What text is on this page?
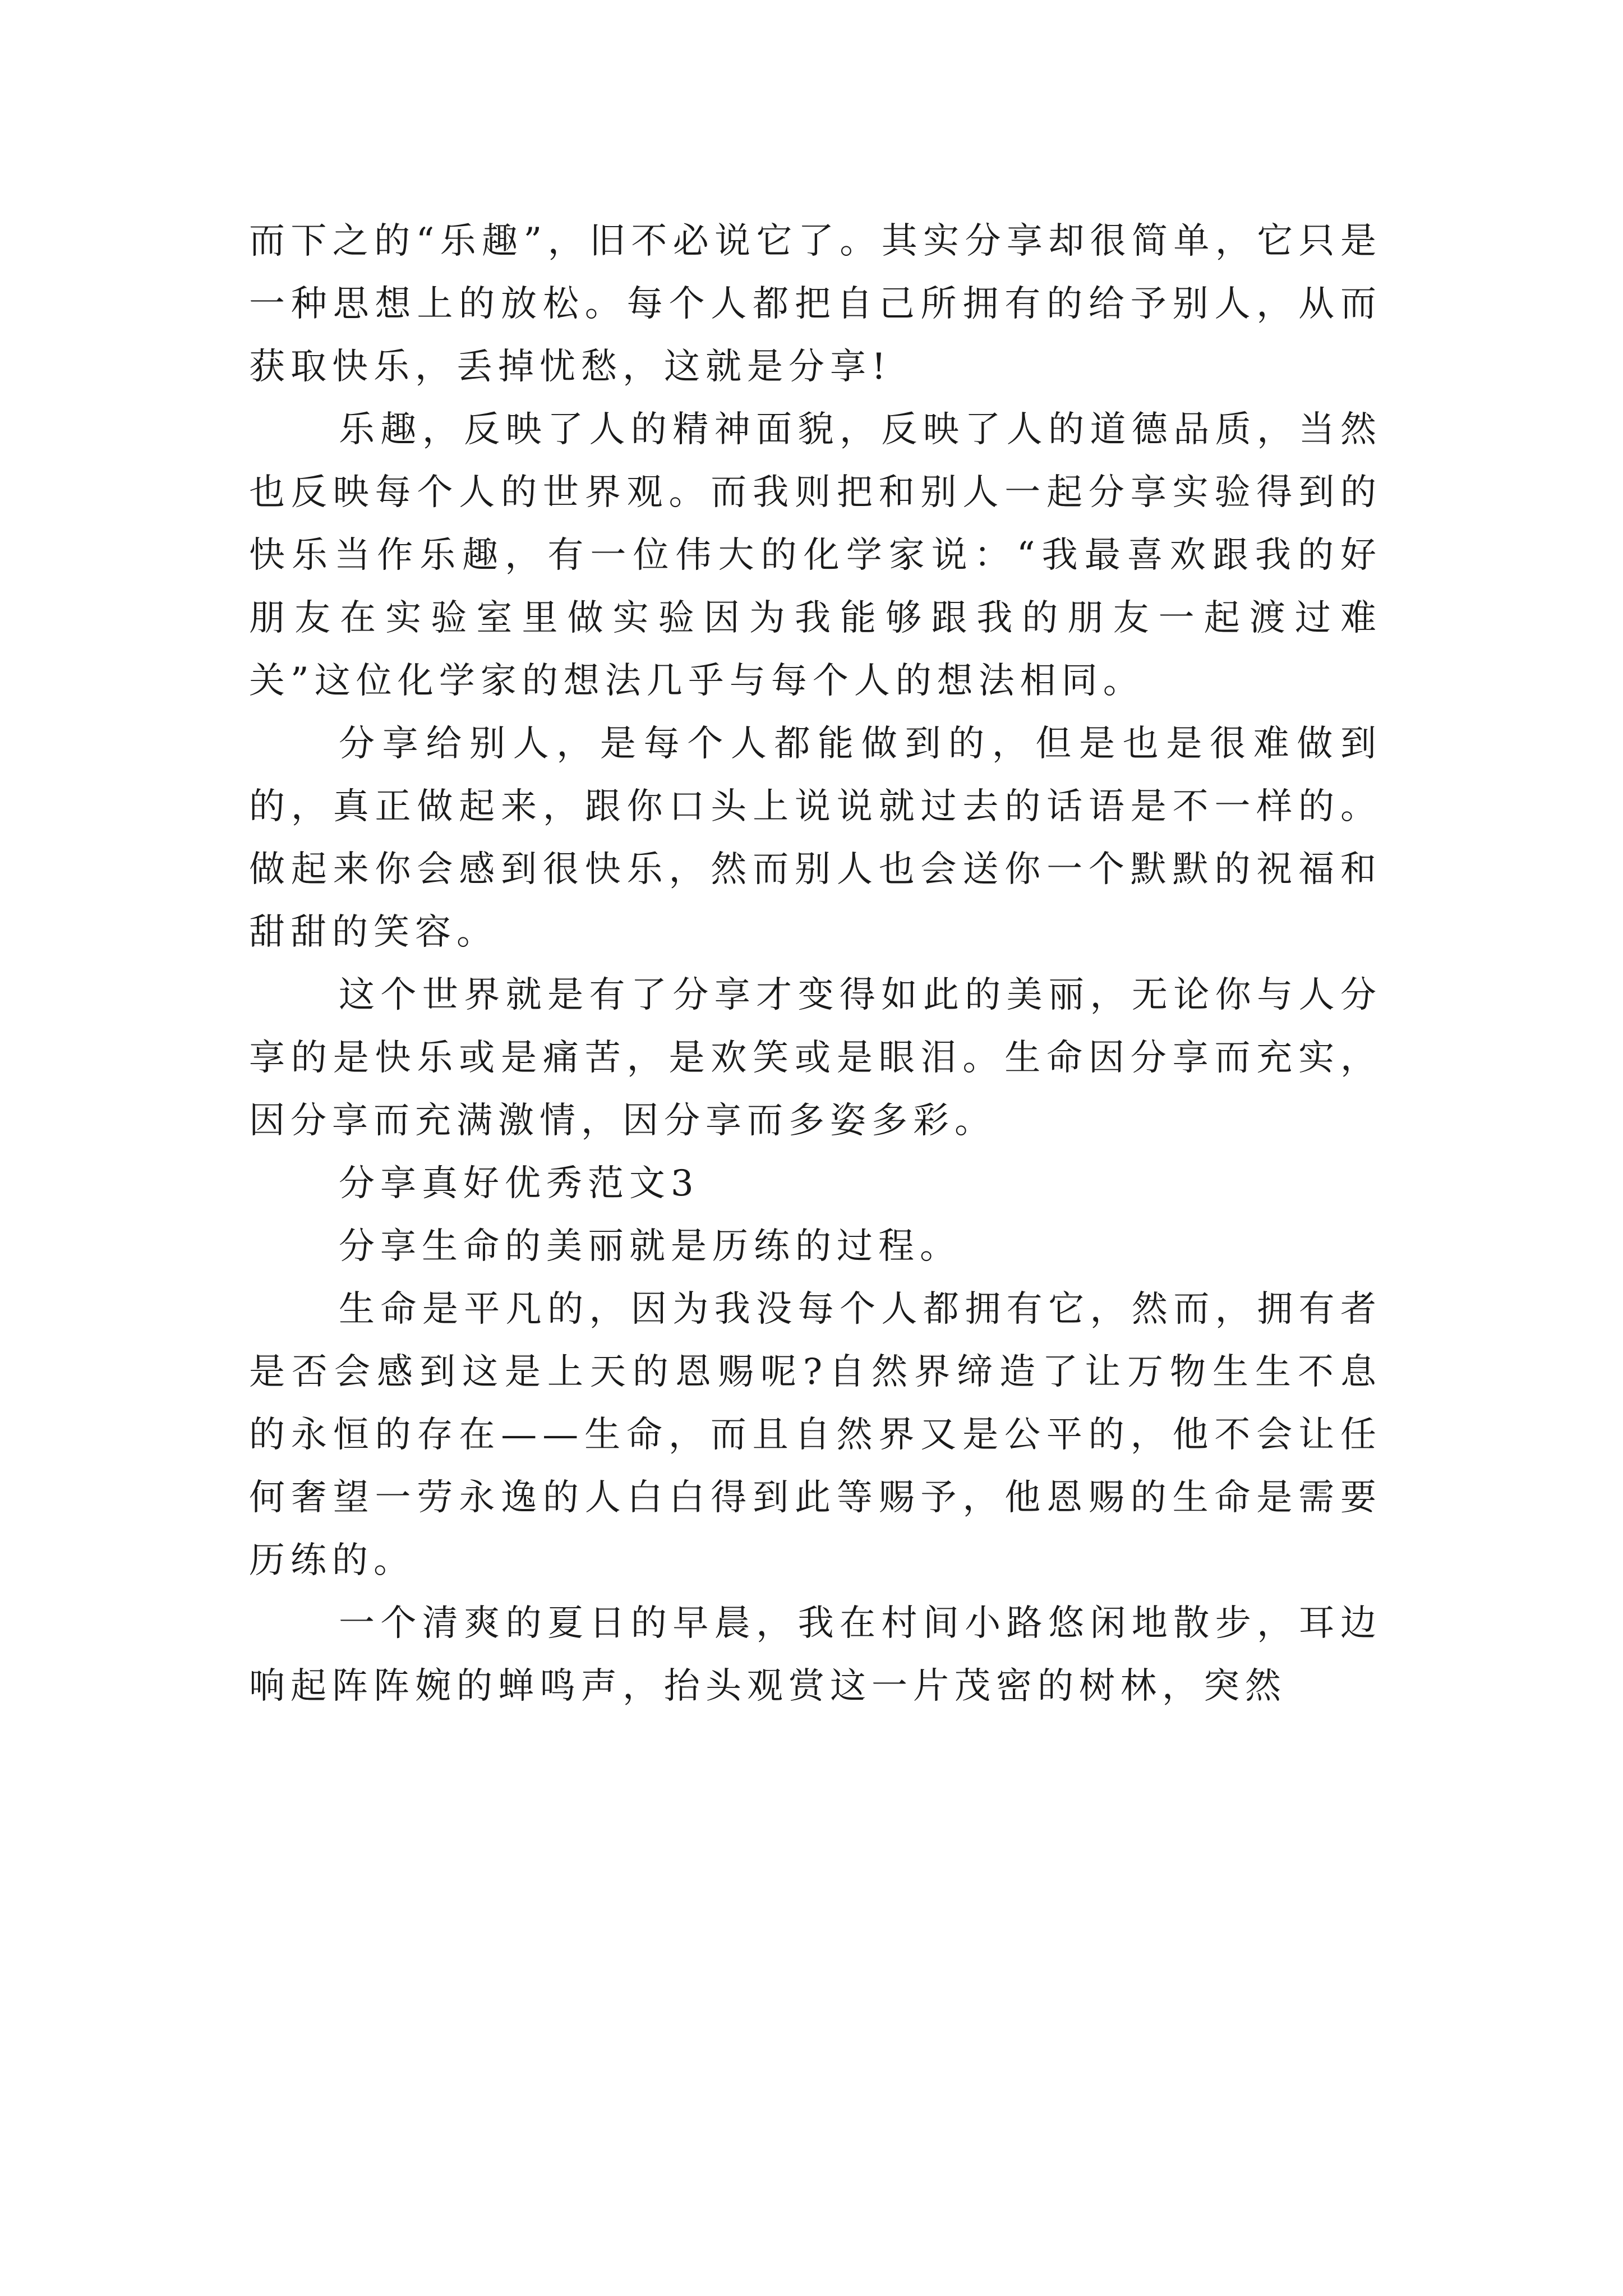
而下之的“乐趣”，旧不必说它了。其实分享却很简单，它只是一种思想上的放松。每个人都把自己所拥有的给予别人，从而获取快乐，丢掉忧愁，这就是分享!

乐趣，反映了人的精神面貌，反映了人的道德品质，当然也反映每个人的世界观。而我则把和别人一起分享实验得到的快乐当作乐趣，有一位伟大的化学家说：“我最喜欢跟我的好朋友在实验室里做实验因为我能够跟我的朋友一起渡过难关”这位化学家的想法几乎与每个人的想法相同。

分享给别人，是每个人都能做到的，但是也是很难做到的，真正做起来，跟你口头上说说就过去的话语是不一样的。做起来你会感到很快乐，然而别人也会送你一个默默的祝福和甜甜的笑容。

这个世界就是有了分享才变得如此的美丽，无论你与人分享的是快乐或是痛苦，是欢笑或是眼泪。生命因分享而充实，因分享而充满激情，因分享而多姿多彩。

分享真好优秀范文3

分享生命的美丽就是历练的过程。

生命是平凡的，因为我没每个人都拥有它，然而，拥有者是否会感到这是上天的恩赐呢?自然界缔造了让万物生生不息的永恒的存在——生命，而且自然界又是公平的，他不会让任何奢望一劳永逸的人白白得到此等赐予，他恩赐的生命是需要历练的。

一个清爽的夏日的早晨，我在村间小路悠闲地散步，耳边响起阵阵婉的蝉鸣声，抬头观赏这一片茂密的树林，突然
